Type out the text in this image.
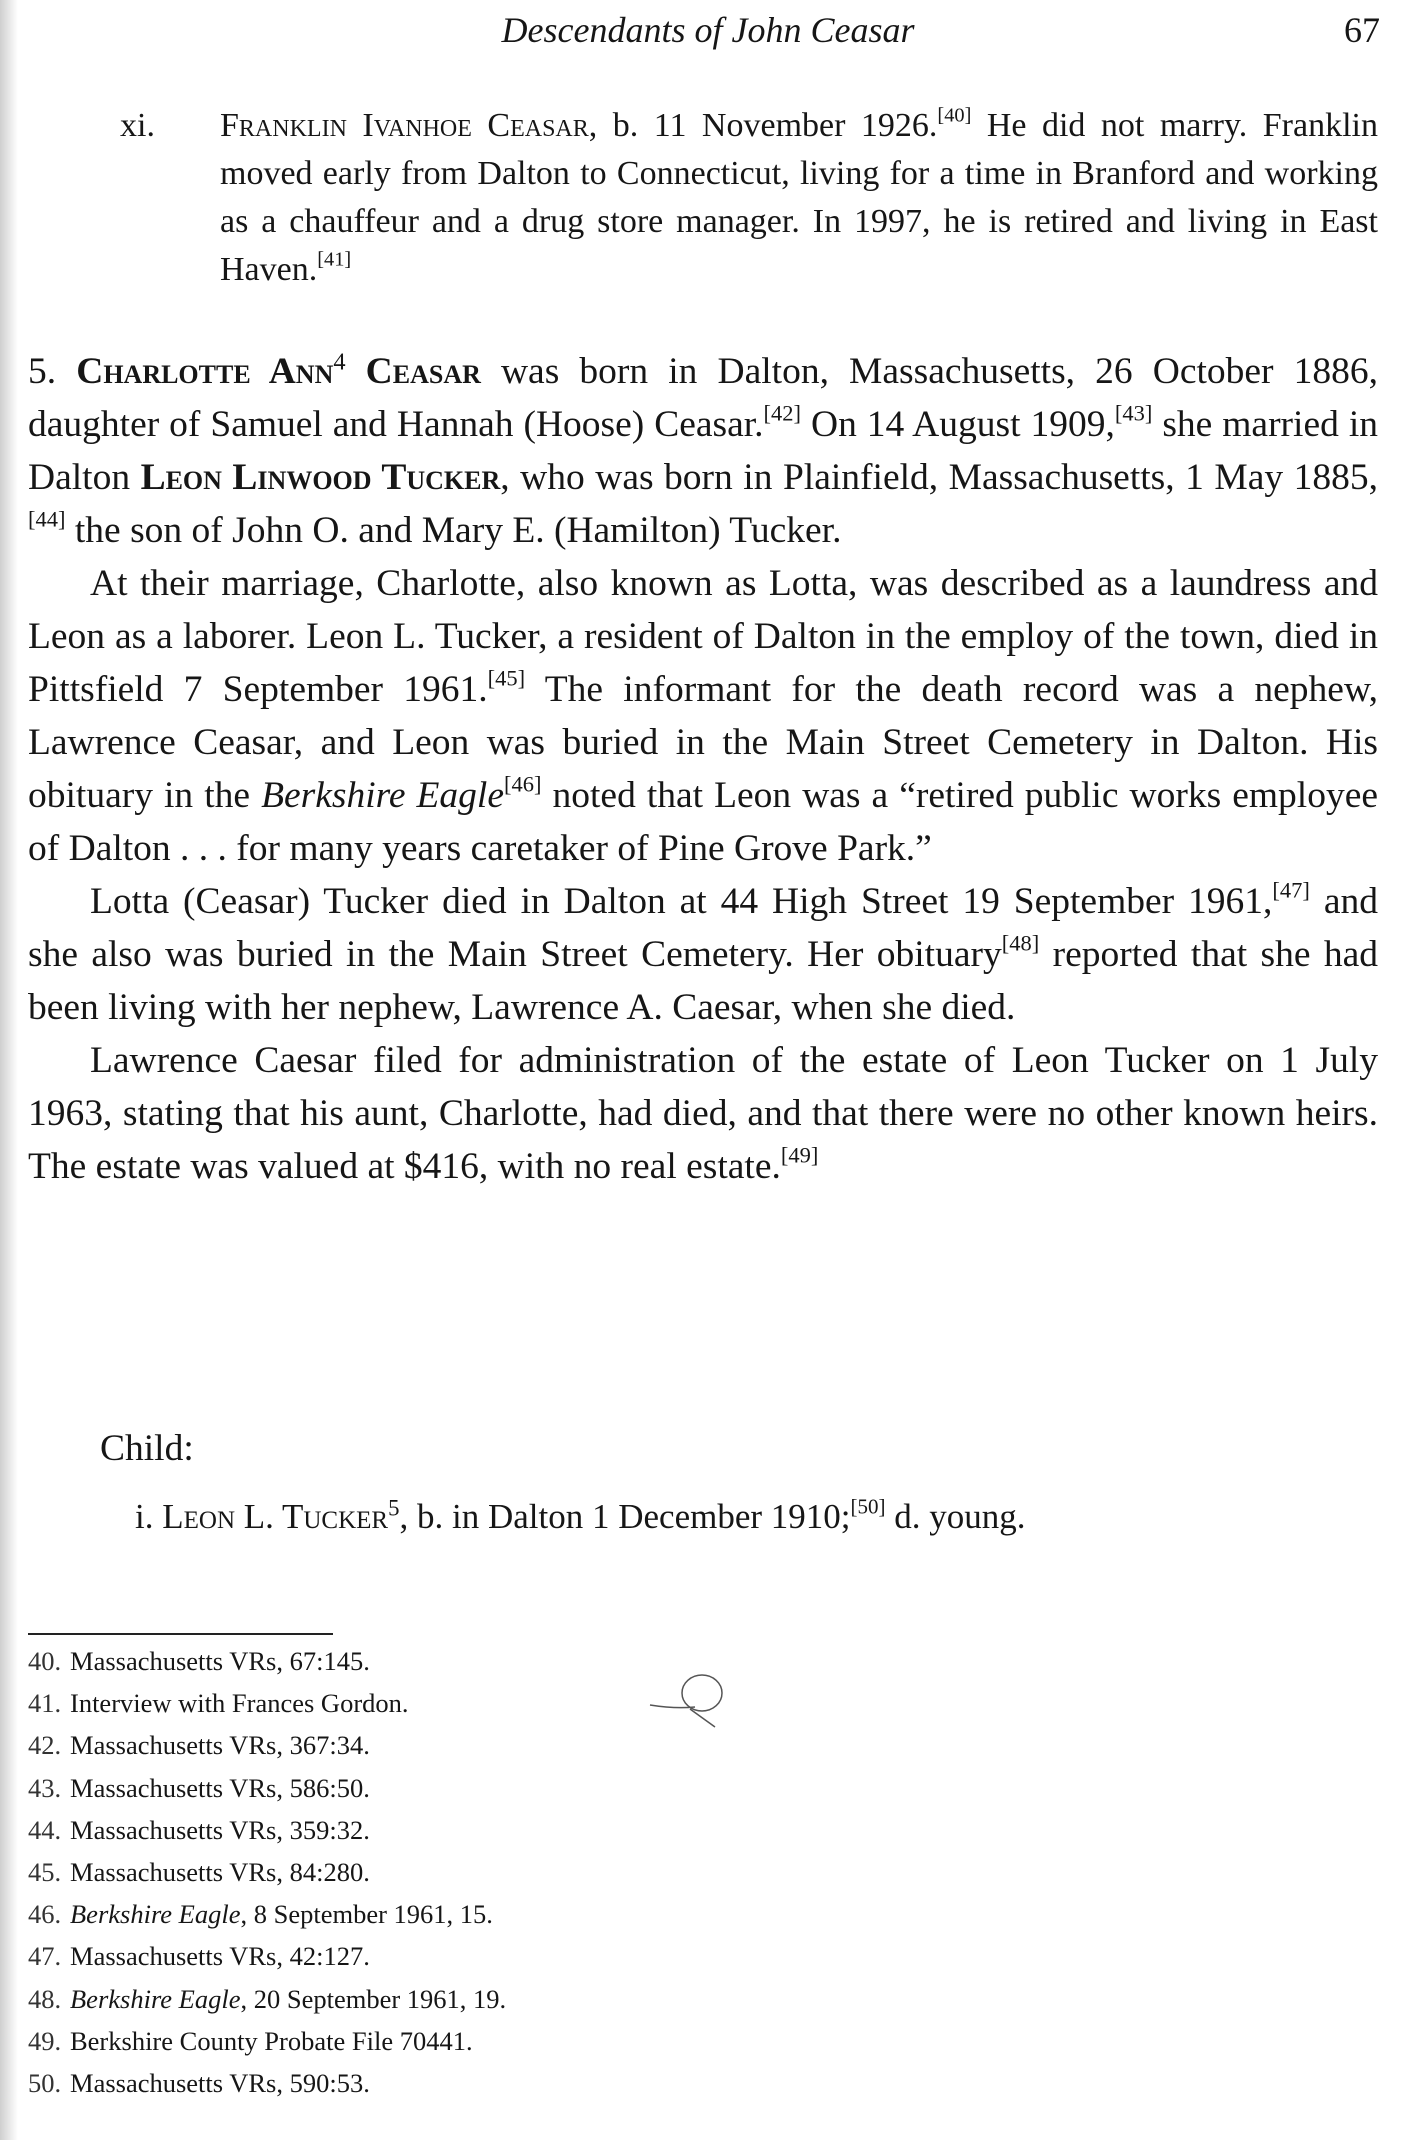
Descendants of John Ceasar	67
xi. Franklin Ivanhoe Ceasar, b. 11 November 1926.[40] He did not marry. Franklin moved early from Dalton to Connecticut, living for a time in Branford and working as a chauffeur and a drug store manager. In 1997, he is retired and living in East Haven.[41]

5. Charlotte Ann$^4$ Ceasar was born in Dalton, Massachusetts, 26 October 1886, daughter of Samuel and Hannah (Hoose) Ceasar.[42] On 14 August 1909,[43] she married in Dalton Leon Linwood Tucker, who was born in Plainfield, Massachusetts, 1 May 1885,[44] the son of John O. and Mary E. (Hamilton) Tucker.

At their marriage, Charlotte, also known as Lotta, was described as a laundress and Leon as a laborer. Leon L. Tucker, a resident of Dalton in the employ of the town, died in Pittsfield 7 September 1961.[45] The informant for the death record was a nephew, Lawrence Ceasar, and Leon was buried in the Main Street Cemetery in Dalton. His obituary in the Berkshire Eagle[46] noted that Leon was a “retired public works employee of Dalton . . . for many years caretaker of Pine Grove Park.”

Lotta (Ceasar) Tucker died in Dalton at 44 High Street 19 September 1961,[47] and she also was buried in the Main Street Cemetery. Her obituary[48] reported that she had been living with her nephew, Lawrence A. Caesar, when she died.

Lawrence Caesar filed for administration of the estate of Leon Tucker on 1 July 1963, stating that his aunt, Charlotte, had died, and that there were no other known heirs. The estate was valued at $416, with no real estate.[49]

Child:
i. Leon L. Tucker$^5$, b. in Dalton 1 December 1910;[50] d. young.
40. Massachusetts VRs, 67:145.
41. Interview with Frances Gordon.
42. Massachusetts VRs, 367:34.
43. Massachusetts VRs, 586:50.
44. Massachusetts VRs, 359:32.
45. Massachusetts VRs, 84:280.
46. Berkshire Eagle, 8 September 1961, 15.
47. Massachusetts VRs, 42:127.
48. Berkshire Eagle, 20 September 1961, 19.
49. Berkshire County Probate File 70441.
50. Massachusetts VRs, 590:53.
